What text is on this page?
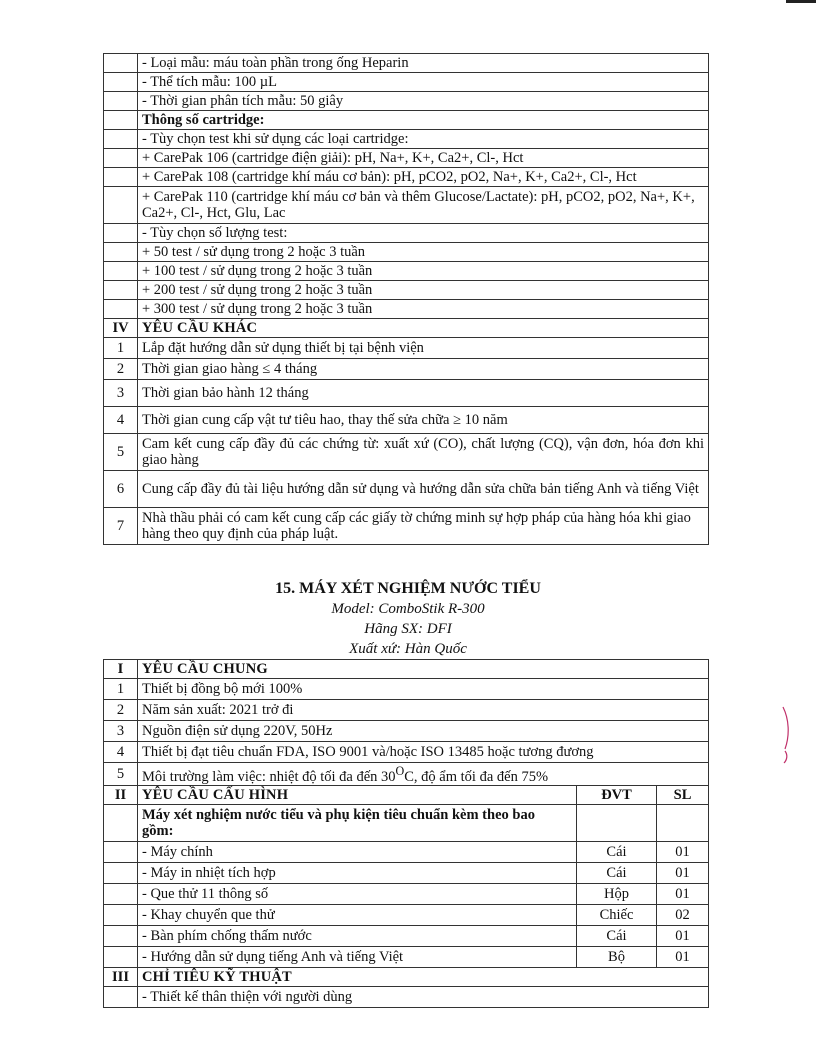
	- Loại mẫu: máu toàn phần trong ống Heparin
	- Thể tích mẫu: 100 µL
	- Thời gian phân tích mẫu: 50 giây
	Thông số cartridge:
	- Tùy chọn test khi sử dụng các loại cartridge:
	+ CarePak 106 (cartridge điện giải): pH, Na+, K+, Ca2+, Cl-, Hct
	+ CarePak 108 (cartridge khí máu cơ bản): pH, pCO2, pO2, Na+, K+, Ca2+, Cl-, Hct
	+ CarePak 110 (cartridge khí máu cơ bản và thêm Glucose/Lactate): pH, pCO2, pO2, Na+, K+, Ca2+, Cl-, Hct, Glu, Lac
	- Tùy chọn số lượng test:
	+ 50 test / sử dụng trong 2 hoặc 3 tuần
	+ 100 test / sử dụng trong 2 hoặc 3 tuần
	+ 200 test / sử dụng trong 2 hoặc 3 tuần
	+ 300 test / sử dụng trong 2 hoặc 3 tuần
IV	YÊU CẦU KHÁC
1	Lắp đặt hướng dẫn sử dụng thiết bị tại bệnh viện
2	Thời gian giao hàng ≤ 4 tháng
3	Thời gian bảo hành 12 tháng
4	Thời gian cung cấp vật tư tiêu hao, thay thế sửa chữa ≥ 10 năm
5	Cam kết cung cấp đầy đủ các chứng từ: xuất xứ (CO), chất lượng (CQ), vận đơn, hóa đơn khi giao hàng
6	Cung cấp đầy đủ tài liệu hướng dẫn sử dụng và hướng dẫn sửa chữa bản tiếng Anh và tiếng Việt
7	Nhà thầu phải có cam kết cung cấp các giấy tờ chứng minh sự hợp pháp của hàng hóa khi giao hàng theo quy định của pháp luật.
15. MÁY XÉT NGHIỆM NƯỚC TIỂU
Model: ComboStik R-300
Hãng SX: DFI
Xuất xứ: Hàn Quốc
I	YÊU CẦU CHUNG		
1	Thiết bị đồng bộ mới 100%		
2	Năm sản xuất: 2021 trở đi		
3	Nguồn điện sử dụng 220V, 50Hz		
4	Thiết bị đạt tiêu chuẩn FDA, ISO 9001 và/hoặc ISO 13485 hoặc tương đương		
5	Môi trường làm việc: nhiệt độ tối đa đến $30^OC$, độ ẩm tối đa đến 75%		
II	YÊU CẦU CẤU HÌNH	ĐVT	SL
	Máy xét nghiệm nước tiểu và phụ kiện tiêu chuẩn kèm theo bao gồm:		
	- Máy chính	Cái	01
	- Máy in nhiệt tích hợp	Cái	01
	- Que thử 11 thông số	Hộp	01
	- Khay chuyển que thử	Chiếc	02
	- Bàn phím chống thấm nước	Cái	01
	- Hướng dẫn sử dụng tiếng Anh và tiếng Việt	Bộ	01
III	CHỈ TIÊU KỸ THUẬT		
	- Thiết kế thân thiện với người dùng		
